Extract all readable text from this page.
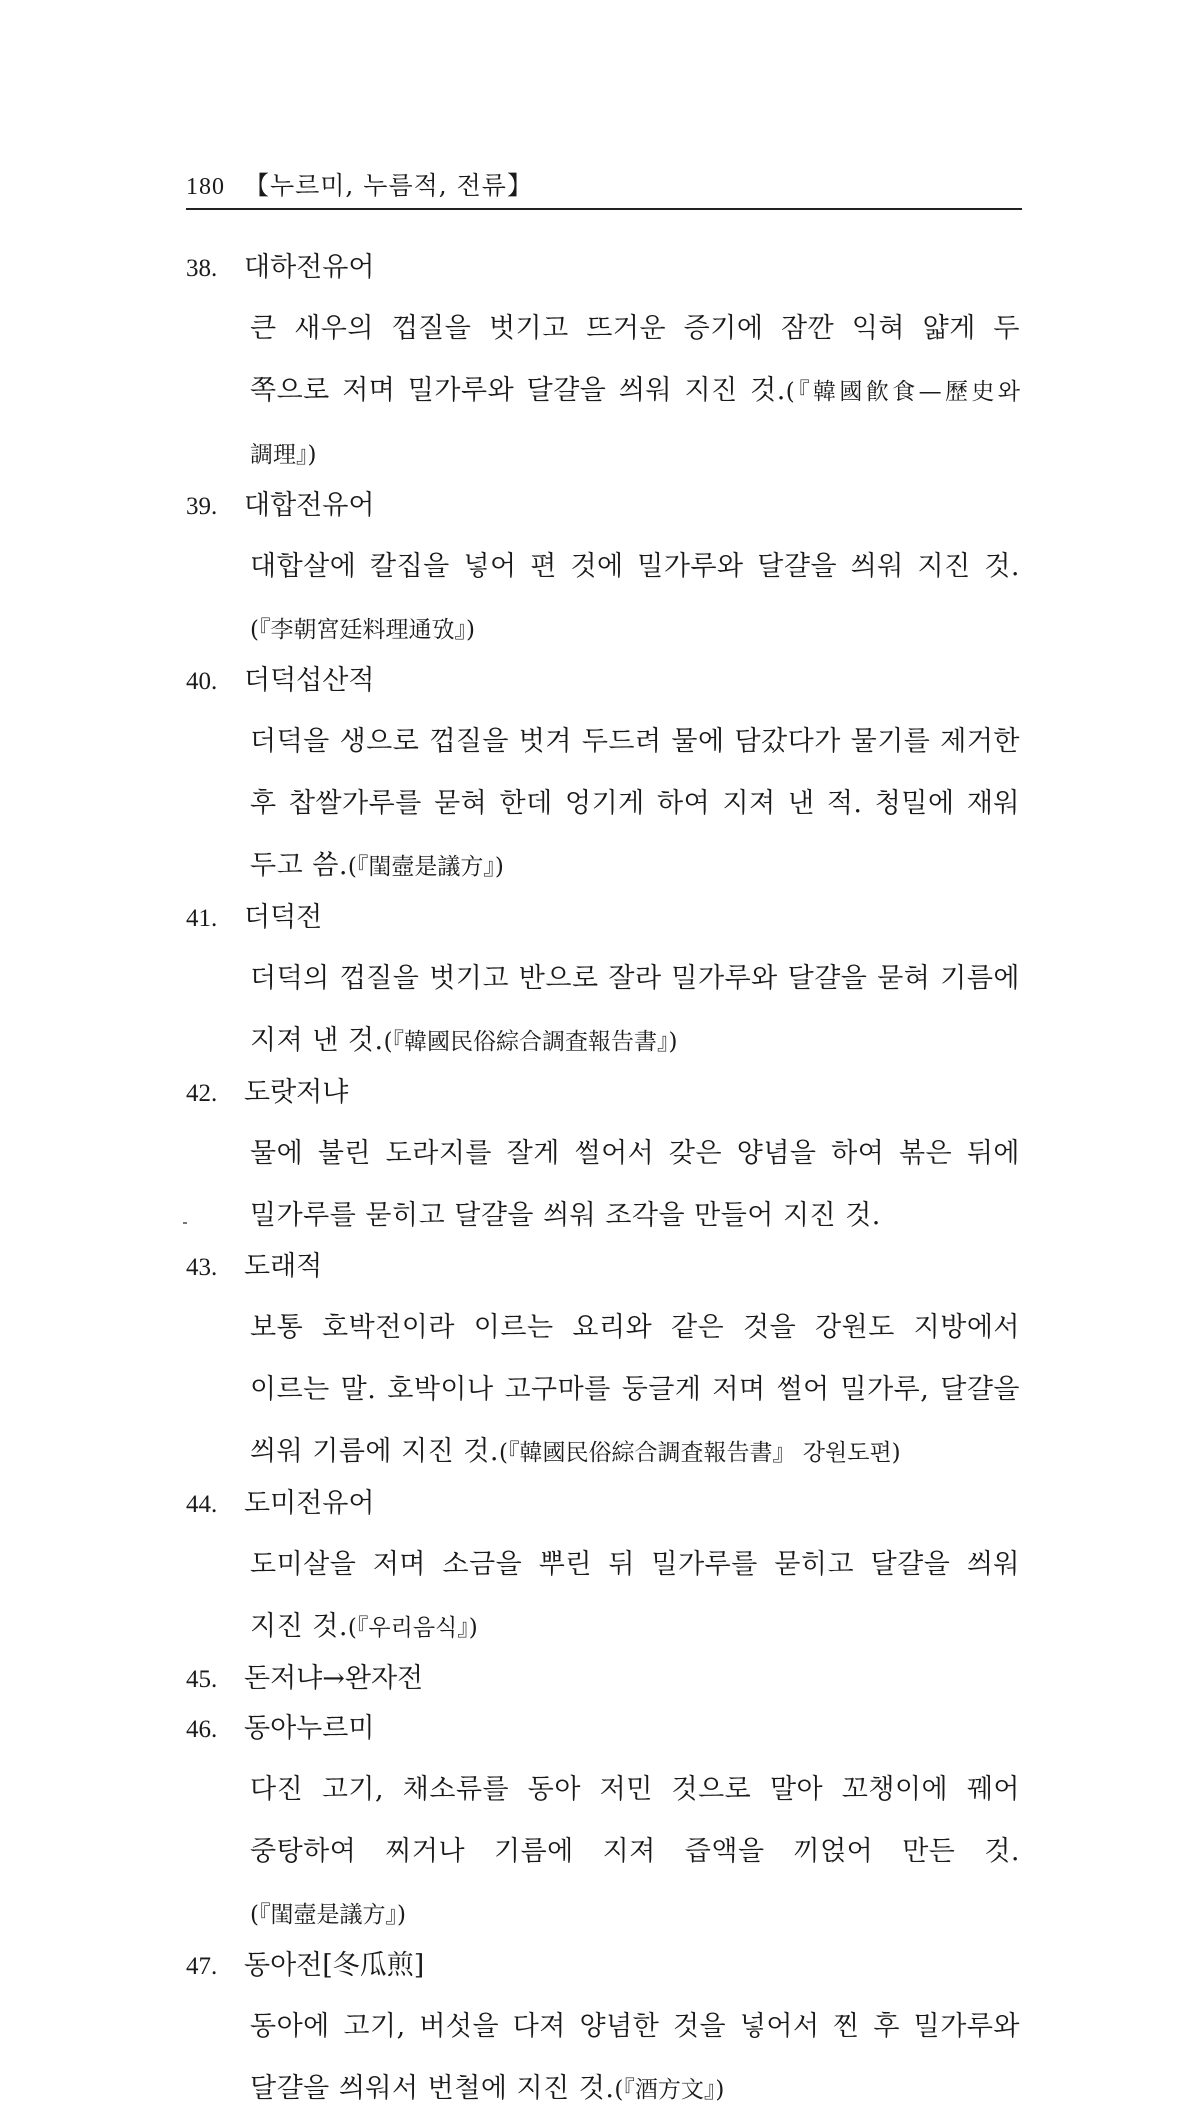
180 【누르미, 누름적, 전류】
38. 대하전유어
큰 새우의 껍질을 벗기고 뜨거운 증기에 잠깐 익혀 얇게 두 쪽으로 저며 밀가루와 달걀을 씌워 지진 것.(『韓國飮食—歷史와 調理』)
39. 대합전유어
대합살에 칼집을 넣어 편 것에 밀가루와 달걀을 씌워 지진 것.(『李朝宮廷料理通攷』)
40. 더덕섭산적
더덕을 생으로 껍질을 벗겨 두드려 물에 담갔다가 물기를 제거한 후 찹쌀가루를 묻혀 한데 엉기게 하여 지져 낸 적. 청밀에 재워 두고 씀.(『閨壼是議方』)
41. 더덕전
더덕의 껍질을 벗기고 반으로 잘라 밀가루와 달걀을 묻혀 기름에 지져 낸 것.(『韓國民俗綜合調査報告書』)
42. 도랏저냐
물에 불린 도라지를 잘게 썰어서 갖은 양념을 하여 볶은 뒤에 밀가루를 묻히고 달걀을 씌워 조각을 만들어 지진 것.
43. 도래적
보통 호박전이라 이르는 요리와 같은 것을 강원도 지방에서 이르는 말. 호박이나 고구마를 둥글게 저며 썰어 밀가루, 달걀을 씌워 기름에 지진 것.(『韓國民俗綜合調査報告書』 강원도편)
44. 도미전유어
도미살을 저며 소금을 뿌린 뒤 밀가루를 묻히고 달걀을 씌워 지진 것.(『우리음식』)
45. 돈저냐→완자전
46. 동아누르미
다진 고기, 채소류를 동아 저민 것으로 말아 꼬챙이에 꿰어 중탕하여 찌거나 기름에 지져 즙액을 끼얹어 만든 것.(『閨壼是議方』)
47. 동아전[冬瓜煎]
동아에 고기, 버섯을 다져 양념한 것을 넣어서 찐 후 밀가루와 달걀을 씌워서 번철에 지진 것.(『酒方文』)
